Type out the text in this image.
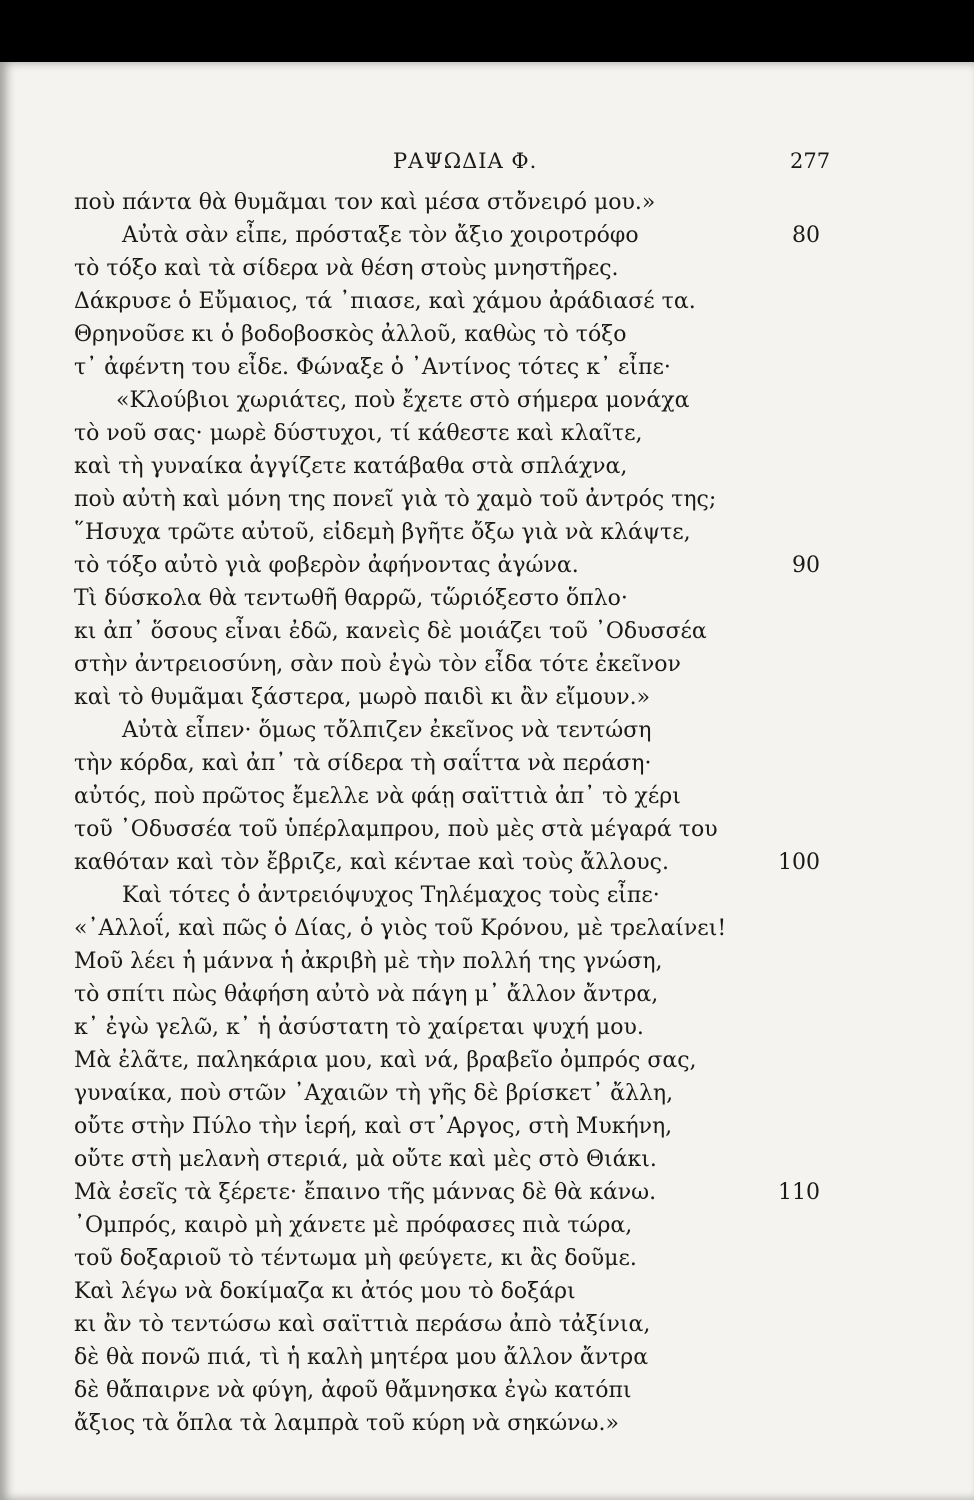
ΡΑΨΩΔΙΑ Φ.	277
ποὺ πάντα θὰ θυμᾶμαι τον καὶ μέσα στὄνειρό μου.»
Αὐτὰ σὰν εἶπε, πρόσταξε τὸν ἄξιο χοιροτρόφο	80
τὸ τόξο καὶ τὰ σίδερα νὰ θέση στοὺς μνηστῆρες.
Δάκρυσε ὁ Εὔμαιος, τά ᾽πιασε, καὶ χάμου ἀράδιασέ τα.
Θρηνοῦσε κι ὁ βοδοβοσκὸς ἀλλοῦ, καθὼς τὸ τόξο
τ᾽ ἀφέντη του εἶδε. Φώναξε ὁ ᾽Αντίνος τότες κ᾽ εἶπε·
«Κλούβιοι χωριάτες, ποὺ ἔχετε στὸ σήμερα μονάχα
τὸ νοῦ σας· μωρὲ δύστυχοι, τί κάθεστε καὶ κλαῖτε,
καὶ τὴ γυναίκα ἀγγίζετε κατάβαθα στὰ σπλάχνα,
ποὺ αὐτὴ καὶ μόνη της πονεῖ γιὰ τὸ χαμὸ τοῦ ἀντρός της;
῞Ησυχα τρῶτε αὐτοῦ, εἰδεμὴ βγῆτε ὄξω γιὰ νὰ κλάψτε,
τὸ τόξο αὐτὸ γιὰ φοβερὸν ἀφήνοντας ἀγώνα.	90
Τὶ δύσκολα θὰ τεντωθῆ θαρρῶ, τὥριόξεστο ὅπλο·
κι ἀπ᾽ ὅσους εἶναι ἐδῶ, κανεὶς δὲ μοιάζει τοῦ ᾽Οδυσσέα
στὴν ἀντρειοσύνη, σὰν ποὺ ἐγὼ τὸν εἶδα τότε ἐκεῖνον
καὶ τὸ θυμᾶμαι ξάστερα, μωρὸ παιδὶ κι ἂν εἴμουν.»
Αὐτὰ εἶπεν· ὅμως τὄλπιζεν ἐκεῖνος νὰ τεντώση
τὴν κόρδα, καὶ ἀπ᾽ τὰ σίδερα τὴ σαΐττα νὰ περάση·
αὐτός, ποὺ πρῶτος ἔμελλε νὰ φάῃ σαϊττιὰ ἀπ᾽ τὸ χέρι
τοῦ ᾽Οδυσσέα τοῦ ὑπέρλαμπρου, ποὺ μὲς στὰ μέγαρά του
καθόταν καὶ τὸν ἔβριζε, καὶ κέντae καὶ τοὺς ἄλλους.	100
Καὶ τότες ὁ ἀντρειόψυχος Τηλέμαχος τοὺς εἶπε·
«᾽Αλλοΐ, καὶ πῶς ὁ Δίας, ὁ γιὸς τοῦ Κρόνου, μὲ τρελαίνει!
Μοῦ λέει ἡ μάννα ἡ ἀκριβὴ μὲ τὴν πολλή της γνώση,
τὸ σπίτι πὼς θἀφήση αὐτὸ νὰ πάγη μ᾽ ἄλλον ἄντρα,
κ᾽ ἐγὼ γελῶ, κ᾽ ἡ ἀσύστατη τὸ χαίρεται ψυχή μου.
Μὰ ἐλᾶτε, παληκάρια μου, καὶ νά, βραβεῖο ὀμπρός σας,
γυναίκα, ποὺ στῶν ᾽Αχαιῶν τὴ γῆς δὲ βρίσκετ᾽ ἄλλη,
οὔτε στὴν Πύλο τὴν ἱερή, καὶ στ᾽Αργος, στὴ Μυκήνη,
οὔτε στὴ μελανὴ στεριά, μὰ οὔτε καὶ μὲς στὸ Θιάκι.
Μὰ ἐσεῖς τὰ ξέρετε· ἔπαινο τῆς μάννας δὲ θὰ κάνω.	110
᾽Ομπρός, καιρὸ μὴ χάνετε μὲ πρόφασες πιὰ τώρα,
τοῦ δοξαριοῦ τὸ τέντωμα μὴ φεύγετε, κι ἂς δοῦμε.
Καὶ λέγω νὰ δοκίμαζα κι ἀτός μου τὸ δοξάρι
κι ἂν τὸ τεντώσω καὶ σαϊττιὰ περάσω ἀπὸ τἀξίνια,
δὲ θὰ πονῶ πιά, τὶ ἡ καλὴ μητέρα μου ἄλλον ἄντρα
δὲ θἄπαιρνε νὰ φύγη, ἀφοῦ θἄμνησκα ἐγὼ κατόπι
ἄξιος τὰ ὅπλα τὰ λαμπρὰ τοῦ κύρη νὰ σηκώνω.»
